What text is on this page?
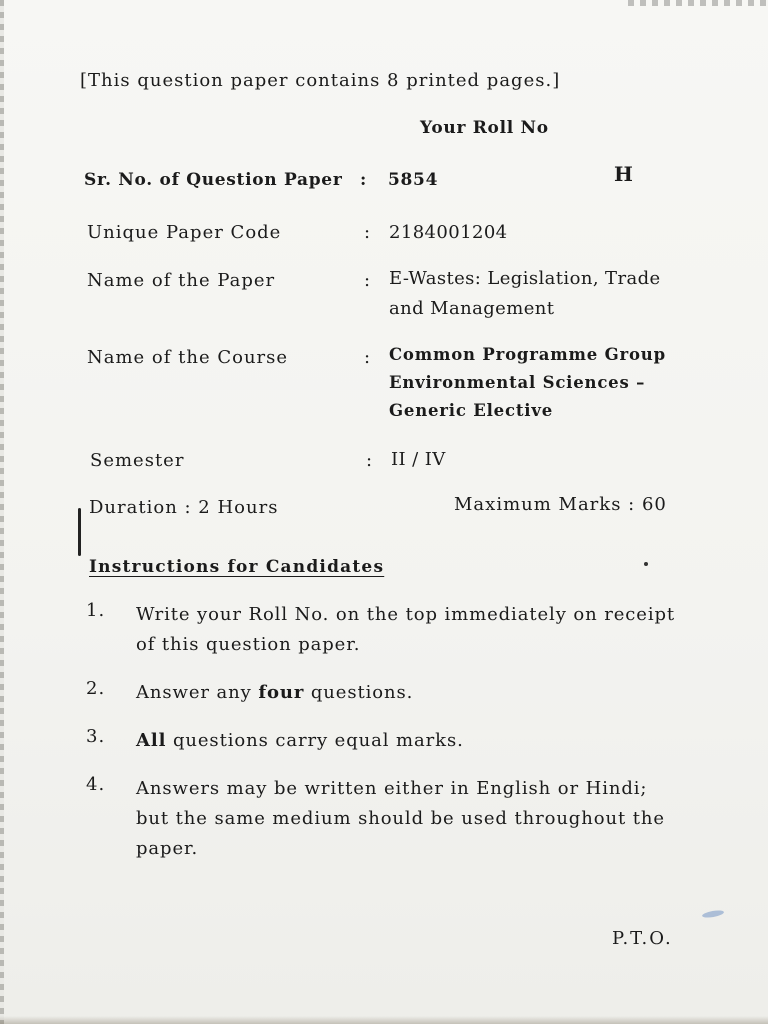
[This question paper contains 8 printed pages.]
Your Roll No
Sr. No. of Question Paper : 5854	H
Unique Paper Code	: 2184001204
Name of the Paper	: E-Wastes: Legislation, Trade and Management
Name of the Course	: Common Programme Group Environmental Sciences – Generic Elective
Semester	: II / IV
Duration : 2 Hours	Maximum Marks : 60
Instructions for Candidates
1.	Write your Roll No. on the top immediately on receipt of this question paper.
2.	Answer any four questions.
3.	All questions carry equal marks.
4.	Answers may be written either in English or Hindi; but the same medium should be used throughout the paper.
P.T.O.
